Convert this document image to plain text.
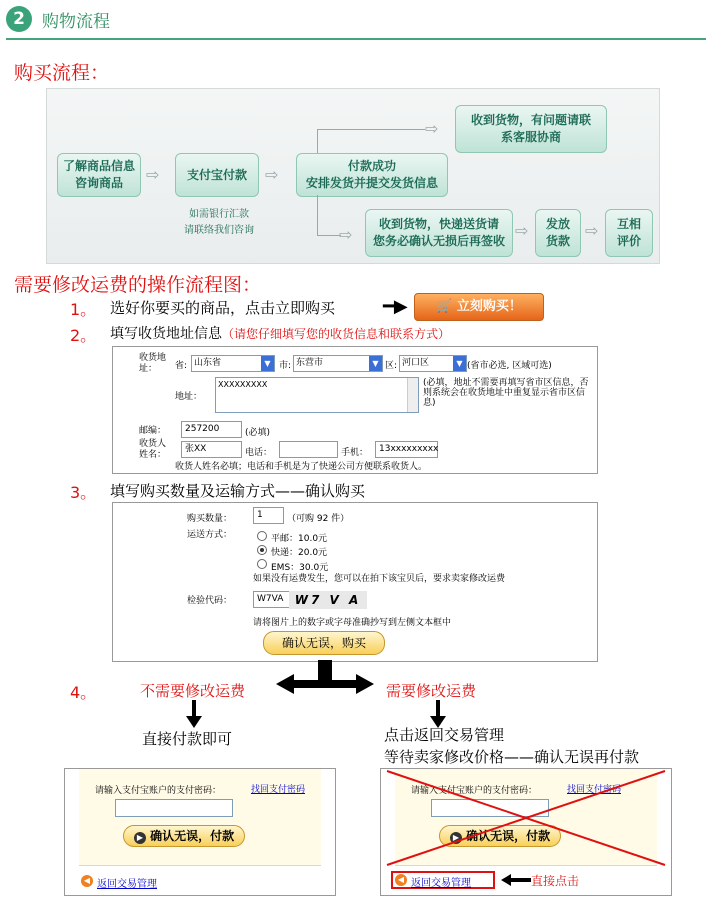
2	购物流程
购买流程：
了解商品信息
咨询商品	⇨ 支付宝付款 ⇨	付款成功
安排发货并提交发货信息
⇨
⇨
收到货物，有问题请联
系客服协商
收到货物，快递送货请
您务必确认无损后再签收
⇨ 发放
货款
⇨ 互相
评价
如需银行汇款
请联络我们咨询
需要修改运费的操作流程图：
1。 选好你要买的商品，点击立即购买	━▶	🛒 立刻购买！
2。 填写收货地址信息（请您仔细填写您的收货信息和联系方式）
收货地址：	省: 山东省	▼ 市: 东营市	▼ 区: 河口区	▼ (省市必选, 区域可选)
地址：
XXXXXXXXX	(必填，地址不需要再填写省市区信息，否则系统会在收货地址中重复显示省市区信息)
邮编：	257200	(必填)
收货人姓名：
张XX	电话：	手机：	13xxxxxxxxx
收货人姓名必填；电话和手机是为了快递公司方便联系收货人。
3。 填写购买数量及运输方式——确认购买
购买数量：	1	（可购 92 件）
运送方式：	平邮：10.0元
快递：20.0元
EMS：30.0元
如果没有运费发生，您可以在拍下该宝贝后，要求卖家修改运费
检验代码：	W7VA W7 V A
请将图片上的数字或字母准确抄写到左侧文本框中
确认无误，购买
4。	不需要修改运费	需要修改运费
直接付款即可	点击返回交易管理
等待卖家修改价格——确认无误再付款
请输入支付宝账户的支付密码：	找回支付密码
▶ 确认无误，付款
◀ 返回交易管理
请输入支付宝账户的支付密码：	找回支付密码
▶ 确认无误，付款
◀ 返回交易管理	直接点击
